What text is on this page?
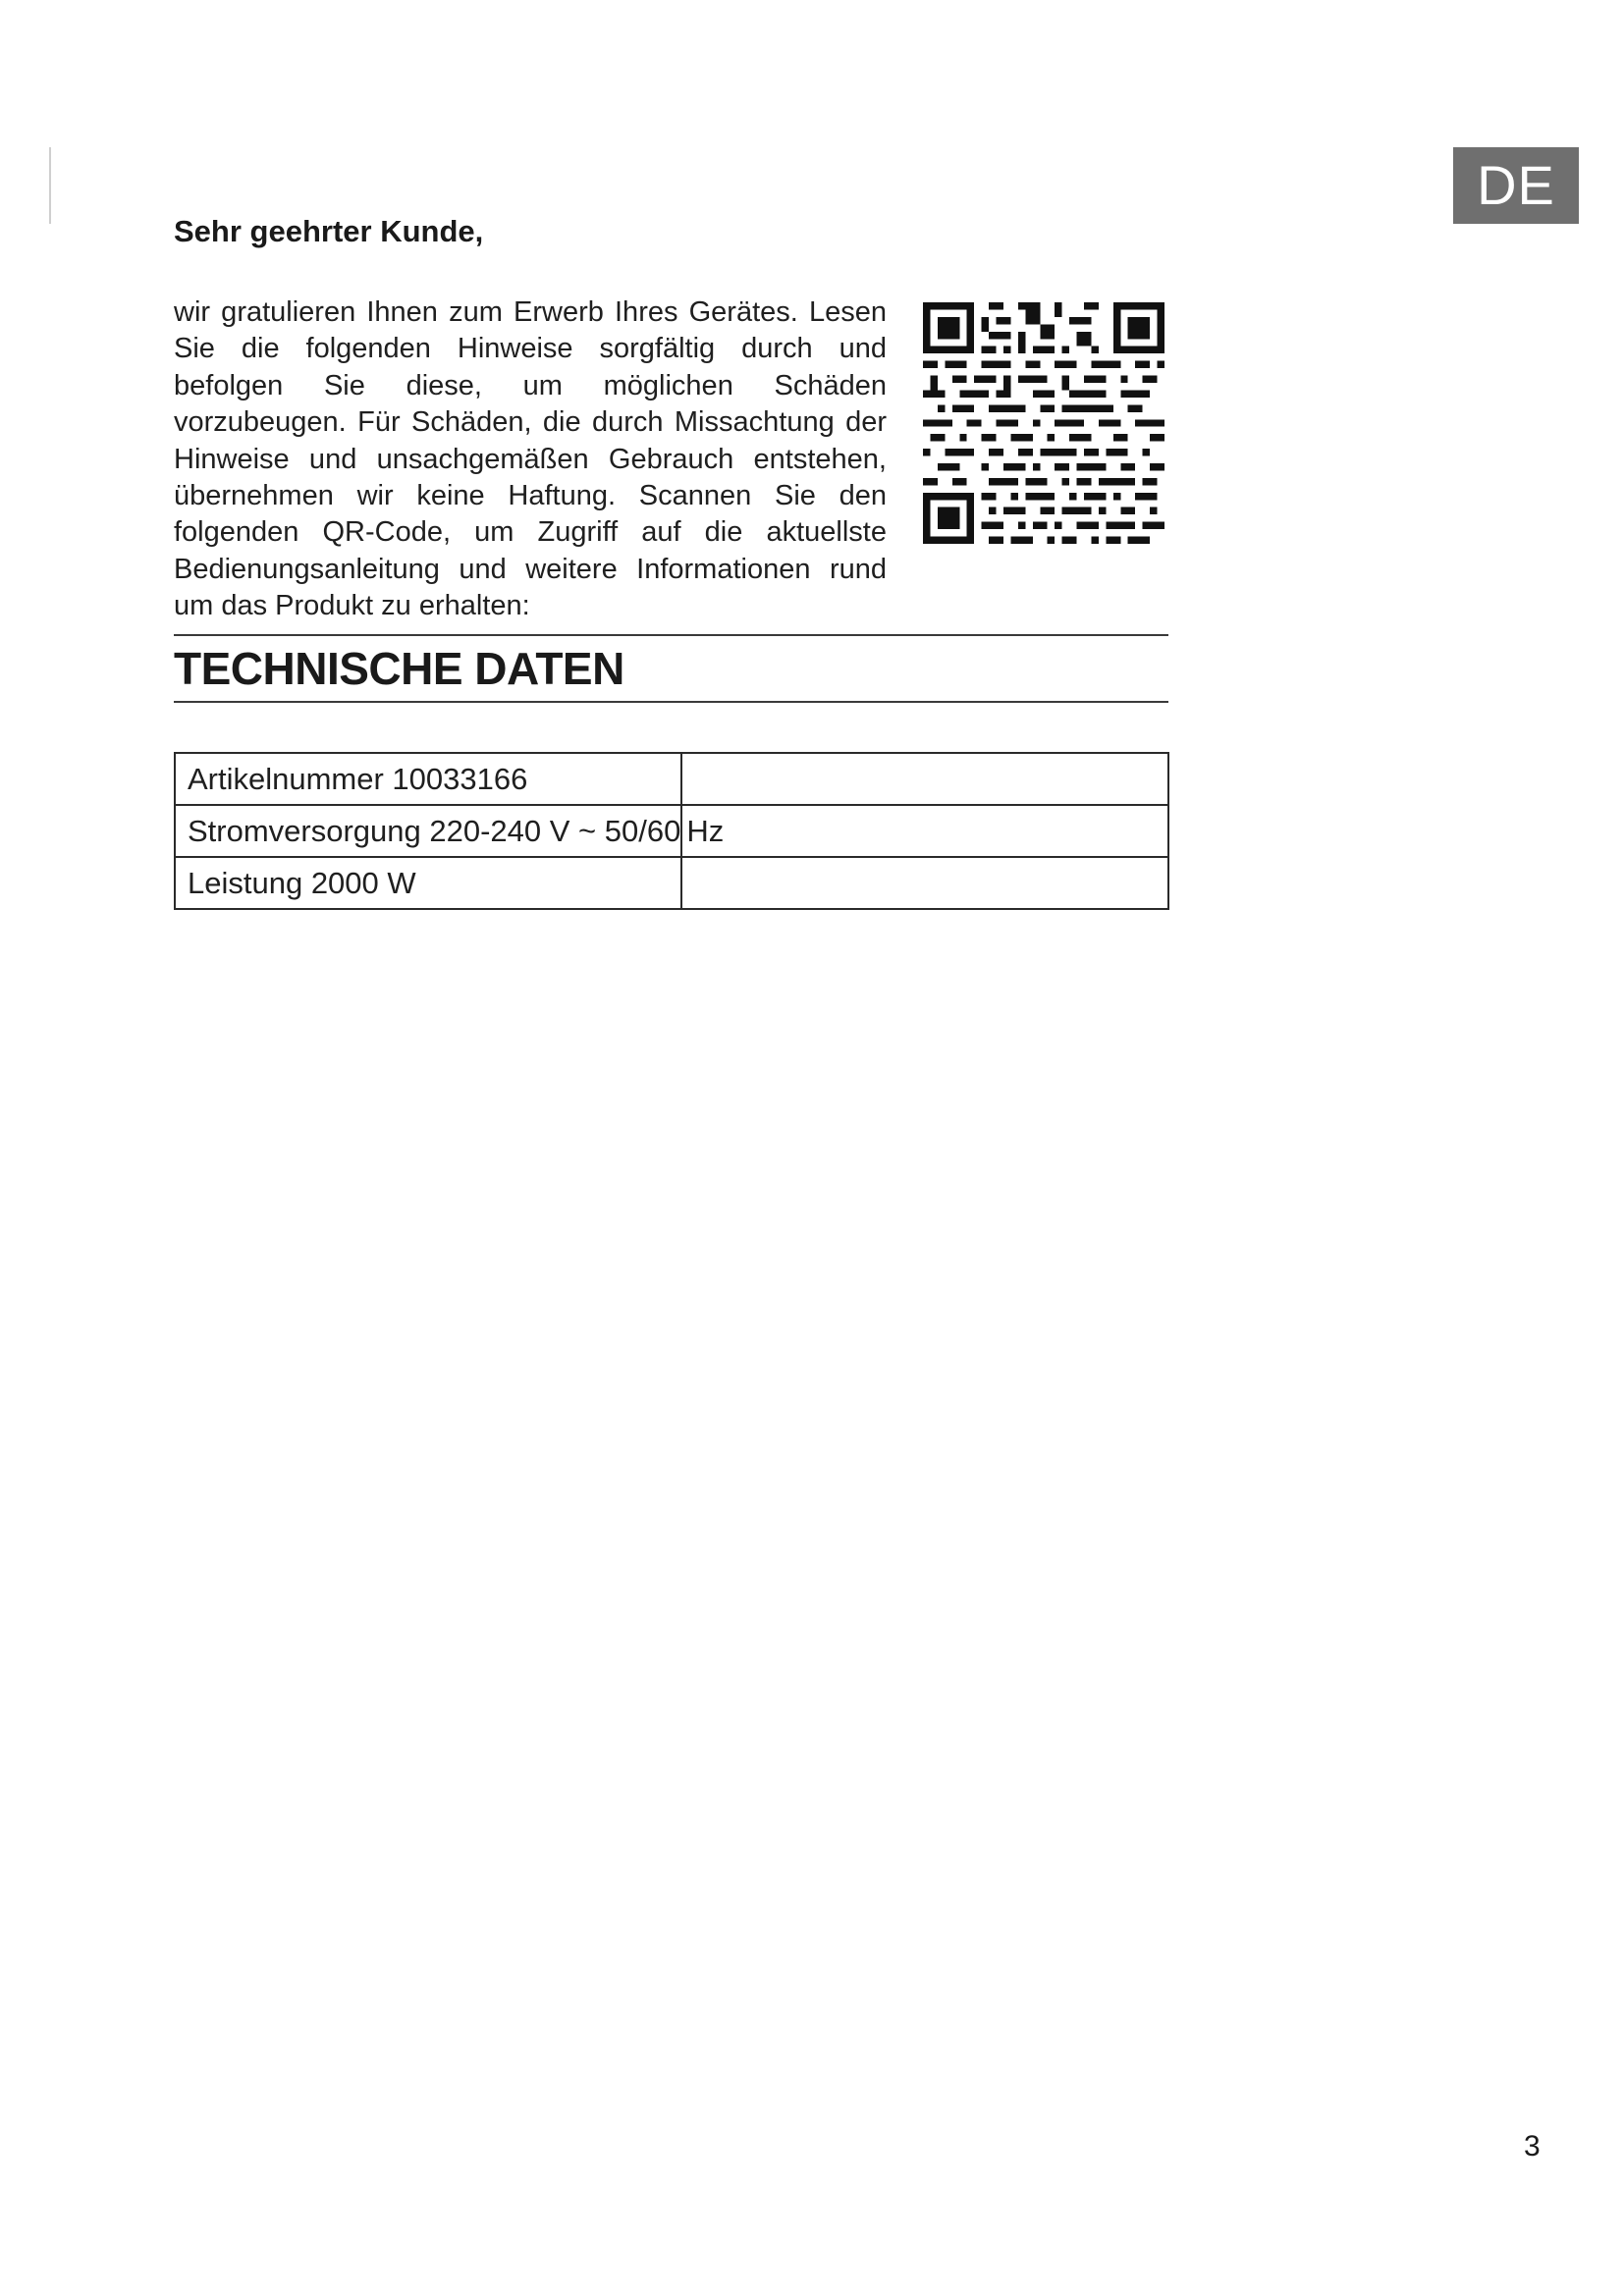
DE
Sehr geehrter Kunde,
wir gratulieren Ihnen zum Erwerb Ihres Gerätes. Lesen Sie die folgenden Hinweise sorgfältig durch und befolgen Sie diese, um möglichen Schäden vorzubeugen. Für Schäden, die durch Missachtung der Hinweise und unsachgemäßen Gebrauch entstehen, übernehmen wir keine Haftung. Scannen Sie den folgenden QR-Code, um Zugriff auf die aktuellste Bedienungsanleitung und weitere Informationen rund um das Produkt zu erhalten:
TECHNISCHE DATEN
Artikelnummer 10033166	
Stromversorgung 220-240 V ~ 50/60	Hz
Leistung 2000 W	
3
